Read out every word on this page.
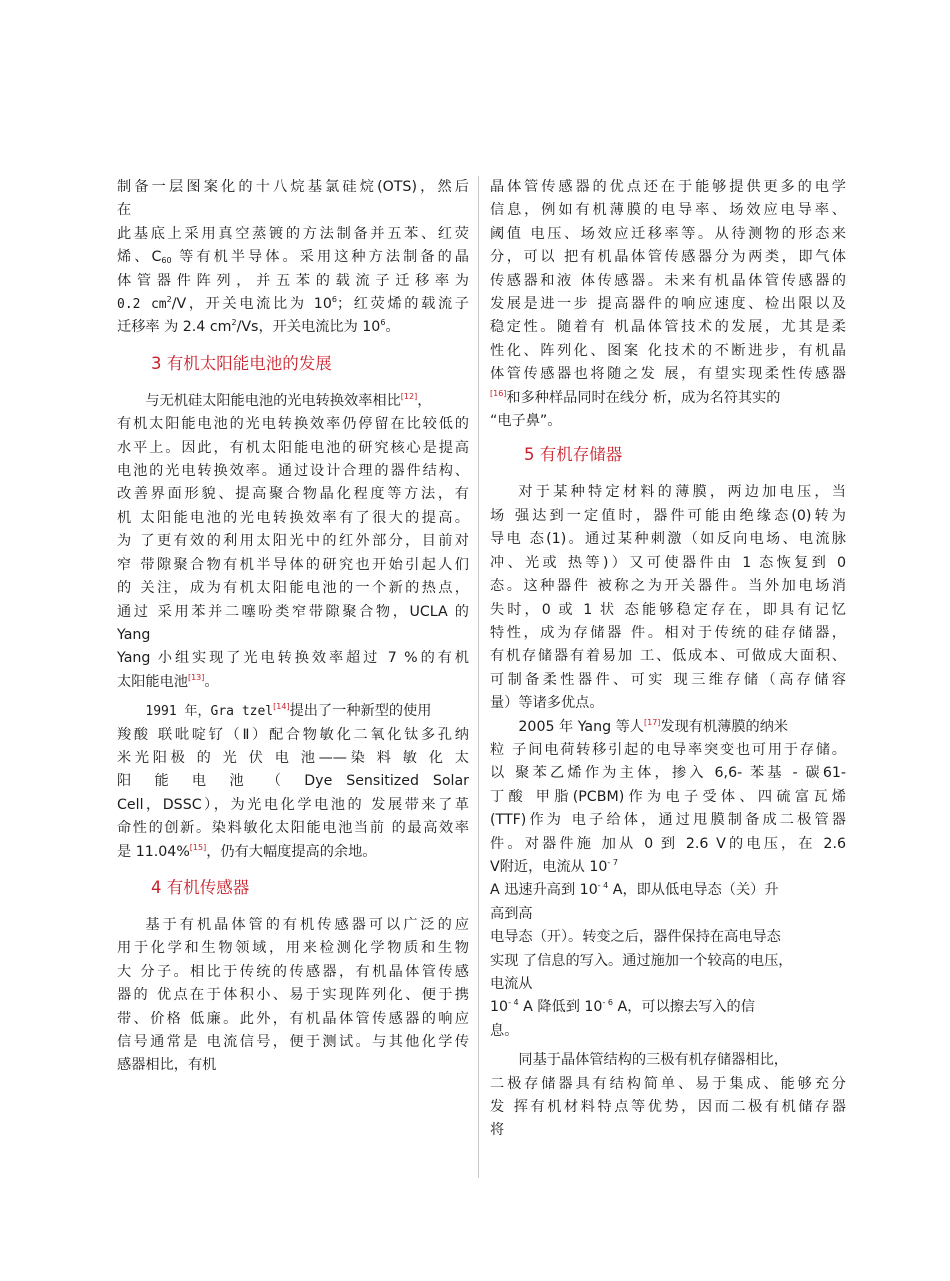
制备一层图案化的十八烷基氯硅烷(OTS)，然后

在

此基底上采用真空蒸镀的方法制备并五苯、红荧

烯、$C_{60}$ 等有机半导体。采用这种方法制备的晶

体 管 器 件 阵 列 ， 并 五 苯 的 载 流 子 迁 移 率 为

0.2 $cm^2/V$，开关电流比为 $10^6$；红荧烯的载流子

迁移率 为 2.4 $cm^2/Vs$，开关电流比为 $10^6$。

3 有机太阳能电池的发展

与无机硅太阳能电池的光电转换效率相比[12]，

有机太阳能电池的光电转换效率仍停留在比较低的

水平上。因此，有机太阳能电池的研究核心是提高

电池的光电转换效率。通过设计合理的器件结构、

改善界面形貌、提高聚合物晶化程度等方法，有

机 太阳能电池的光电转换效率有了很大的提高。

为 了更有效的利用太阳光中的红外部分，目前对

窄 带隙聚合物有机半导体的研究也开始引起人们

的 关注，成为有机太阳能电池的一个新的热点，

通过 采用苯并二噻吩类窄带隙聚合物，UCLA 的

Yang

Yang 小组实现了光电转换效率超过 7 %的有机

太阳能电池[13]。

1991 年，Gra tzel[14]提出了一种新型的使用

羧酸 联吡啶钌（Ⅱ）配合物敏化二氧化钛多孔纳

米光阳极 的 光 伏 电 池——染 料 敏 化 太

阳 能 电 池 （ Dye Sensitized Solar

Cell，DSSC），为光电化学电池的 发展带来了革

命性的创新。染料敏化太阳能电池当前 的最高效率

是 11.04%[15]，仍有大幅度提高的余地。

4 有机传感器

基于有机晶体管的有机传感器可以广泛的应

用于化学和生物领域，用来检测化学物质和生物

大 分子。相比于传统的传感器，有机晶体管传感

器的 优点在于体积小、易于实现阵列化、便于携

带、价格 低廉。此外，有机晶体管传感器的响应

信号通常是 电流信号，便于测试。与其他化学传

感器相比，有机

晶体管传感器的优点还在于能够提供更多的电学

信息，例如有机薄膜的电导率、场效应电导率、

阈值 电压、场效应迁移率等。从待测物的形态来

分，可以 把有机晶体管传感器分为两类，即气体

传感器和液 体传感器。未来有机晶体管传感器的

发展是进一步 提高器件的响应速度、检出限以及

稳定性。随着有 机晶体管技术的发展，尤其是柔

性化、阵列化、图案 化技术的不断进步，有机晶

体管传感器也将随之发 展，有望实现柔性传感器

[16]和多种样品同时在线分 析，成为名符其实的

“电子鼻”。

5 有机存储器

对于某种特定材料的薄膜，两边加电压，当

场 强达到一定值时，器件可能由绝缘态(0)转为

导电 态(1)。通过某种刺激（如反向电场、电流脉

冲、光或 热等)）又可使器件由 1 态恢复到 0

态。这种器件 被称之为开关器件。当外加电场消

失时，0 或 1 状 态能够稳定存在，即具有记忆

特性，成为存储器 件。相对于传统的硅存储器，

有机存储器有着易加 工、低成本、可做成大面积、

可制备柔性器件、可实 现三维存储（高存储容

量）等诸多优点。

2005 年 Yang 等人[17]发现有机薄膜的纳米

粒 子间电荷转移引起的电导率突变也可用于存储。

以 聚苯乙烯作为主体，掺入 6,6- 苯基 - 碳61-

丁酸 甲脂(PCBM)作为电子受体、四硫富瓦烯

(TTF)作为 电子给体，通过甩膜制备成二极管器

件。对器件施 加从 0 到 2.6 V的电压，在 2.6

V附近，电流从 $10^{- 7}$

A 迅速升高到 $10^{- 4}$ A，即从低电导态（关）升

高到高

电导态（开）。转变之后，器件保持在高电导态

实现 了信息的写入。通过施加一个较高的电压，

电流从

$10^{- 4}$ A 降低到 $10^{- 6}$ A，可以擦去写入的信

息。

同基于晶体管结构的三极有机存储器相比，

二极存储器具有结构简单、易于集成、能够充分

发 挥有机材料特点等优势，因而二极有机储存器

将
